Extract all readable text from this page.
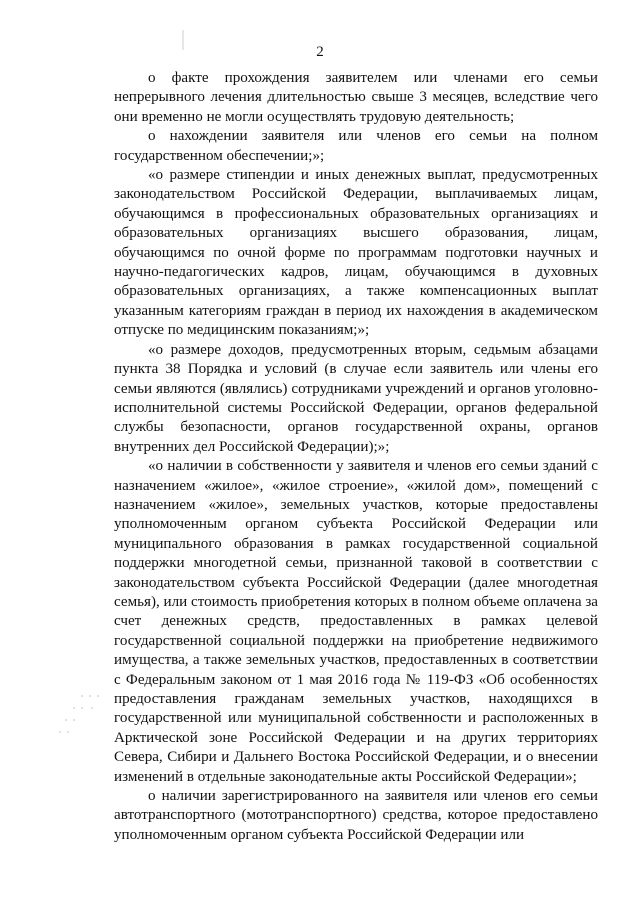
2

о факте прохождения заявителем или членами его семьи непрерывного лечения длительностью свыше 3 месяцев, вследствие чего они временно не могли осуществлять трудовую деятельность;

о нахождении заявителя или членов его семьи на полном государственном обеспечении;»;

«о размере стипендии и иных денежных выплат, предусмотренных законодательством Российской Федерации, выплачиваемых лицам, обучающимся в профессиональных образовательных организациях и образовательных организациях высшего образования, лицам, обучающимся по очной форме по программам подготовки научных и научно-педагогических кадров, лицам, обучающимся в духовных образовательных организациях, а также компенсационных выплат указанным категориям граждан в период их нахождения в академическом отпуске по медицинским показаниям;»;

«о размере доходов, предусмотренных вторым, седьмым абзацами пункта 38 Порядка и условий (в случае если заявитель или члены его семьи являются (являлись) сотрудниками учреждений и органов уголовно-исполнительной системы Российской Федерации, органов федеральной службы безопасности, органов государственной охраны, органов внутренних дел Российской Федерации);»;

«о наличии в собственности у заявителя и членов его семьи зданий с назначением «жилое», «жилое строение», «жилой дом», помещений с назначением «жилое», земельных участков, которые предоставлены уполномоченным органом субъекта Российской Федерации или муниципального образования в рамках государственной социальной поддержки многодетной семьи, признанной таковой в соответствии с законодательством субъекта Российской Федерации (далее многодетная семья), или стоимость приобретения которых в полном объеме оплачена за счет денежных средств, предоставленных в рамках целевой государственной социальной поддержки на приобретение недвижимого имущества, а также земельных участков, предоставленных в соответствии с Федеральным законом от 1 мая 2016 года № 119-ФЗ «Об особенностях предоставления гражданам земельных участков, находящихся в государственной или муниципальной собственности и расположенных в Арктической зоне Российской Федерации и на других территориях Севера, Сибири и Дальнего Востока Российской Федерации, и о внесении изменений в отдельные законодательные акты Российской Федерации»;

о наличии зарегистрированного на заявителя или членов его семьи автотранспортного (мототранспортного) средства, которое предоставлено уполномоченным органом субъекта Российской Федерации или
